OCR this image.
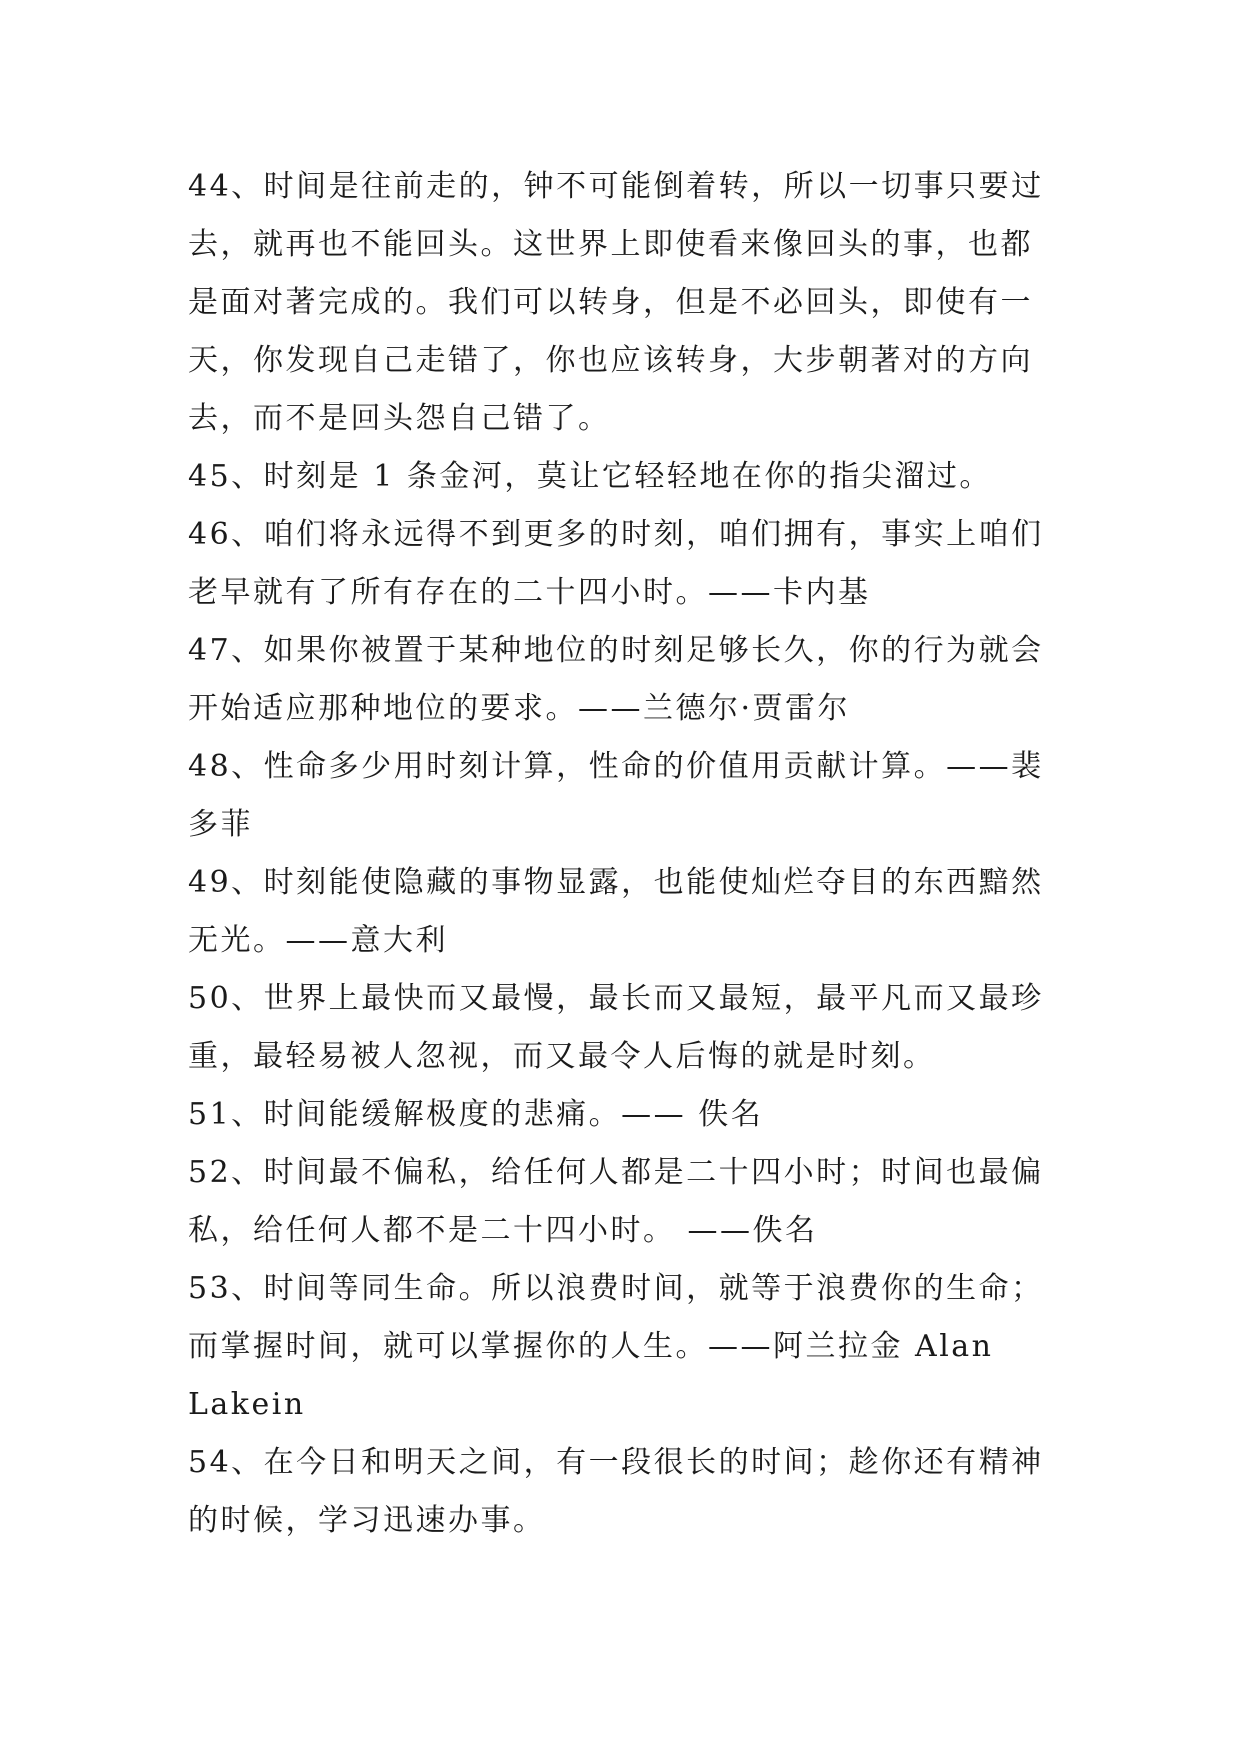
44、时间是往前走的，钟不可能倒着转，所以一切事只要过
去，就再也不能回头。这世界上即使看来像回头的事，也都
是面对著完成的。我们可以转身，但是不必回头，即使有一
天，你发现自己走错了，你也应该转身，大步朝著对的方向
去，而不是回头怨自己错了。
45、时刻是 1 条金河，莫让它轻轻地在你的指尖溜过。
46、咱们将永远得不到更多的时刻，咱们拥有，事实上咱们
老早就有了所有存在的二十四小时。——卡内基
47、如果你被置于某种地位的时刻足够长久，你的行为就会
开始适应那种地位的要求。——兰德尔·贾雷尔
48、性命多少用时刻计算，性命的价值用贡献计算。——裴
多菲
49、时刻能使隐藏的事物显露，也能使灿烂夺目的东西黯然
无光。——意大利
50、世界上最快而又最慢，最长而又最短，最平凡而又最珍
重，最轻易被人忽视，而又最令人后悔的就是时刻。
51、时间能缓解极度的悲痛。—— 佚名
52、时间最不偏私，给任何人都是二十四小时；时间也最偏
私，给任何人都不是二十四小时。 ——佚名
53、时间等同生命。所以浪费时间，就等于浪费你的生命；
而掌握时间，就可以掌握你的人生。——阿兰拉金 Alan
Lakein
54、在今日和明天之间，有一段很长的时间；趁你还有精神
的时候，学习迅速办事。
